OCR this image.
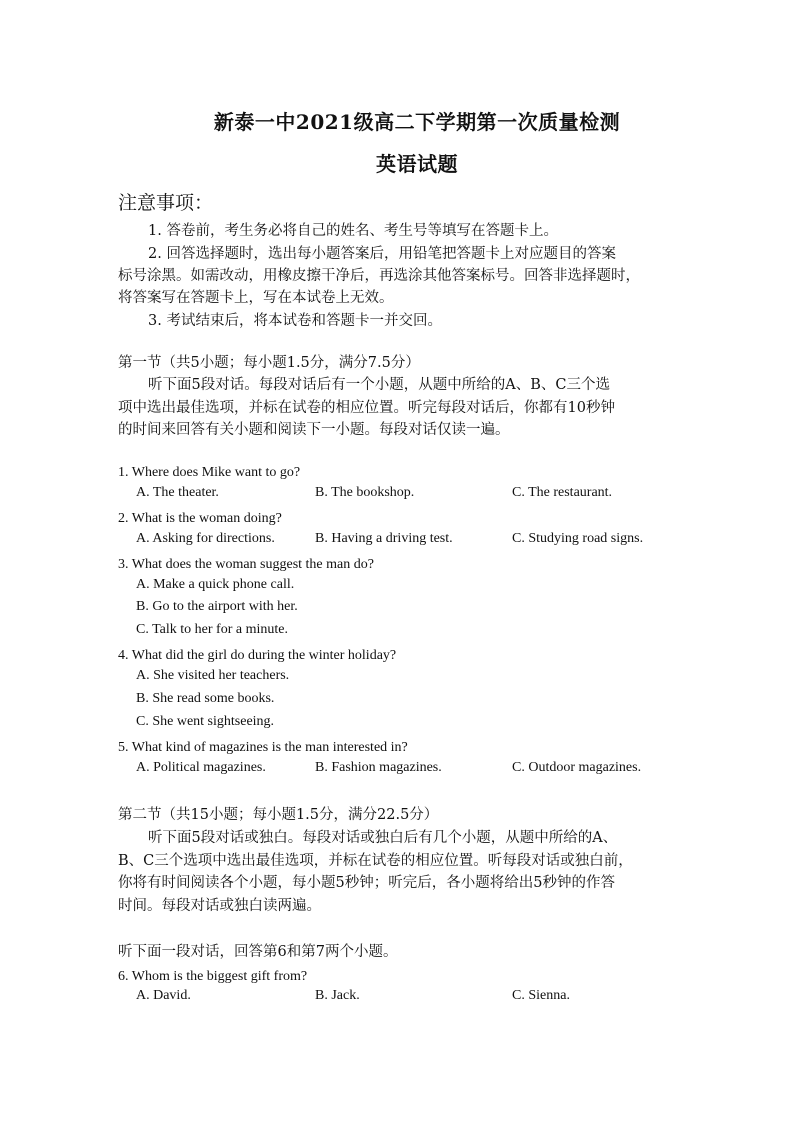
新泰一中2021级高二下学期第一次质量检测
英语试题
注意事项：
1. 答卷前，考生务必将自己的姓名、考生号等填写在答题卡上。
2. 回答选择题时，选出每小题答案后，用铅笔把答题卡上对应题目的答案
标号涂黑。如需改动，用橡皮擦干净后，再选涂其他答案标号。回答非选择题时，
将答案写在答题卡上，写在本试卷上无效。
3. 考试结束后，将本试卷和答题卡一并交回。
第一节（共5小题；每小题1.5分，满分7.5分）
听下面5段对话。每段对话后有一个小题，从题中所给的A、B、C三个选
项中选出最佳选项，并标在试卷的相应位置。听完每段对话后，你都有10秒钟
的时间来回答有关小题和阅读下一小题。每段对话仅读一遍。
1. Where does Mike want to go?
A. The theater.	B. The bookshop.	C. The restaurant.
2. What is the woman doing?
A. Asking for directions.	B. Having a driving test.	C. Studying road signs.
3. What does the woman suggest the man do?
A. Make a quick phone call.
B. Go to the airport with her.
C. Talk to her for a minute.
4. What did the girl do during the winter holiday?
A. She visited her teachers.
B. She read some books.
C. She went sightseeing.
5. What kind of magazines is the man interested in?
A. Political magazines.	B. Fashion magazines.	C. Outdoor magazines.
第二节（共15小题；每小题1.5分，满分22.5分）
听下面5段对话或独白。每段对话或独白后有几个小题，从题中所给的A、
B、C三个选项中选出最佳选项，并标在试卷的相应位置。听每段对话或独白前，
你将有时间阅读各个小题，每小题5秒钟；听完后，各小题将给出5秒钟的作答
时间。每段对话或独白读两遍。
听下面一段对话，回答第6和第7两个小题。
6. Whom is the biggest gift from?
A. David.	B. Jack.	C. Sienna.
